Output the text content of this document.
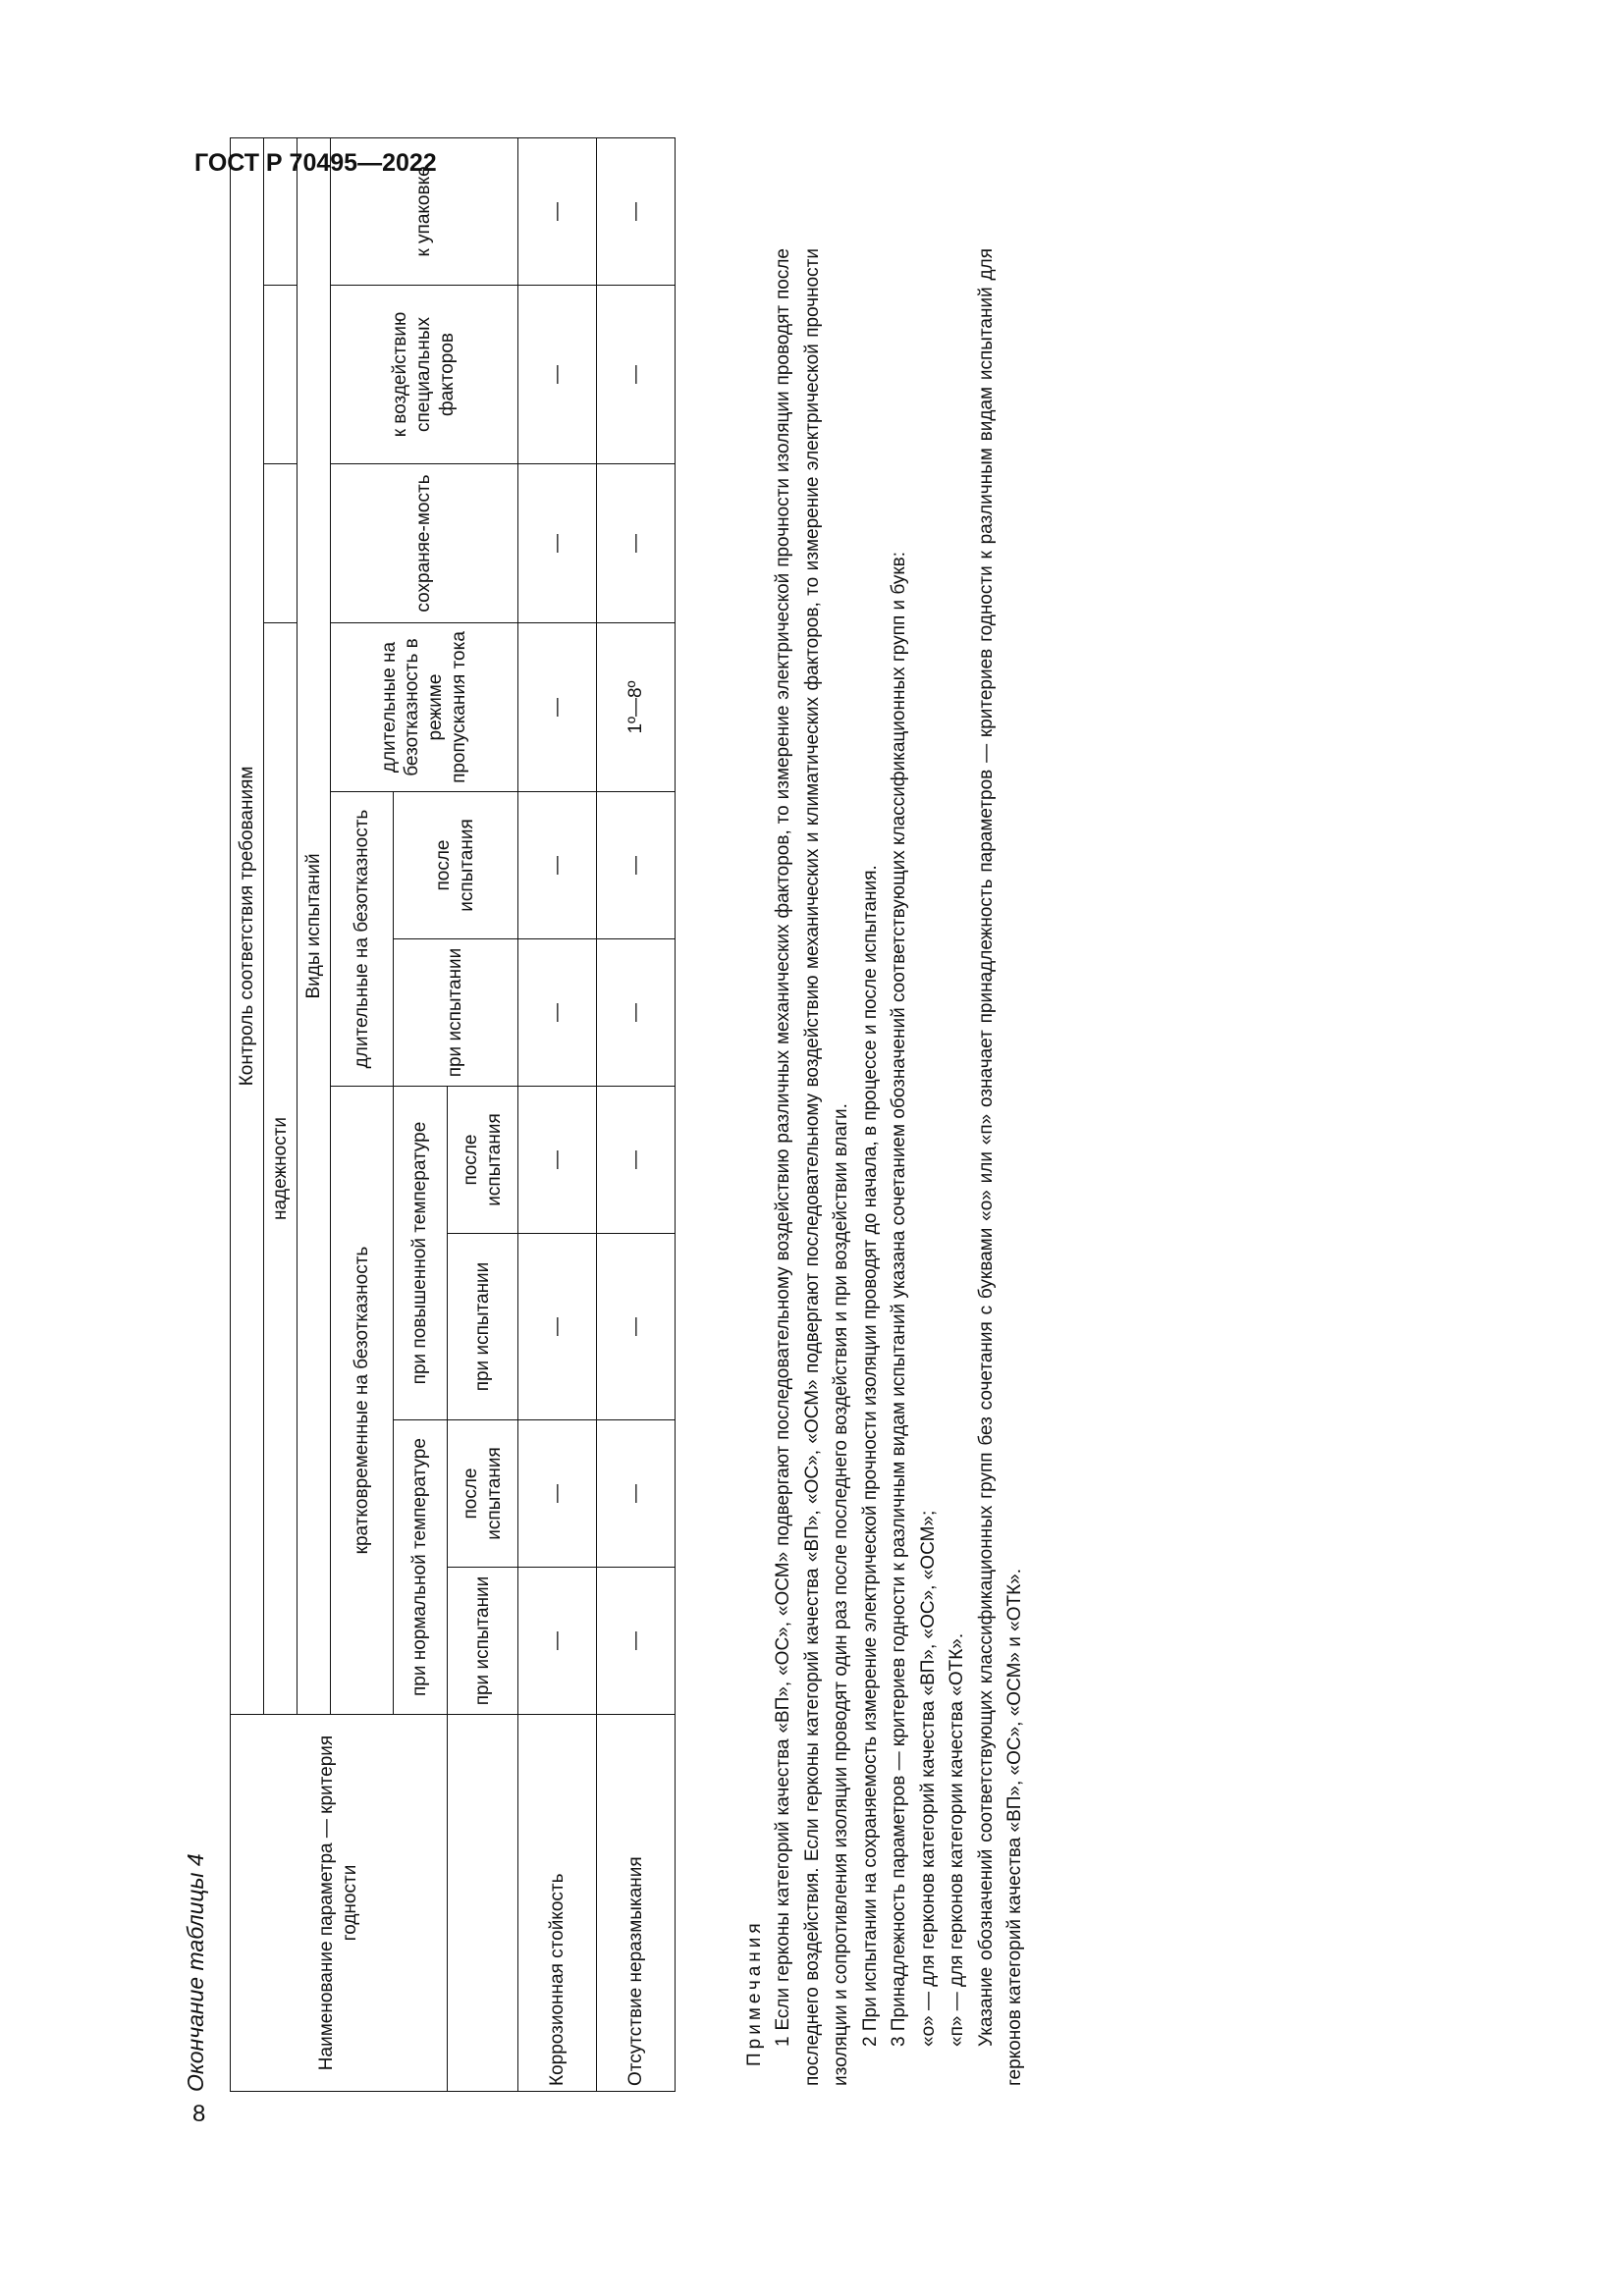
ГОСТ Р 70495—2022
8
Окончание таблицы 4	Наименование параметра — критерия годности	Контроль соответствия требованиям									
	надежности									
	Виды испытаний									
	кратковременные на безотказность				длительные на безотказность		длительные на безотказность в режиме пропускания тока	сохраняе-мость	к воздействию специальных факторов	к упаковке
	при нормальной температуре		при повышенной температуре		при испытании	после испытания				
	при испытании	после испытания	при испытании	после испытания						
Коррозионная стойкость	—	—	—	—	—	—	—	—	—	—
Отсутствие неразмыкания	—	—	—	—	—	—	1º—8º	—	—	—

Примечания 1 Если герконы категорий качества «ВП», «ОС», «ОСМ» подвергают последовательному воздействию различных механических факторов, то измерение электрической прочности изоляции проводят после последнего воздействия. Если герконы категорий качества «ВП», «ОС», «ОСМ» подвергают последовательному воздействию механических и климатических факторов, то измерение электрической прочности изоляции и сопротивления изоляции проводят один раз после последнего воздействия и при воздействии влаги. 2 При испытании на сохраняемость измерение электрической прочности изоляции проводят до начала, в процессе и после испытания. 3 Принадлежность параметров — критериев годности к различным видам испытаний указана сочетанием обозначений соответствующих классификационных групп и букв: «о» — для герконов категорий качества «ВП», «ОС», «ОСМ»; «п» — для герконов категории качества «ОТК». Указание обозначений соответствующих классификационных групп без сочетания с буквами «о» или «п» означает принадлежность параметров — критериев годности к различным видам испытаний для герконов категорий качества «ВП», «ОС», «ОСМ» и «ОТК».
